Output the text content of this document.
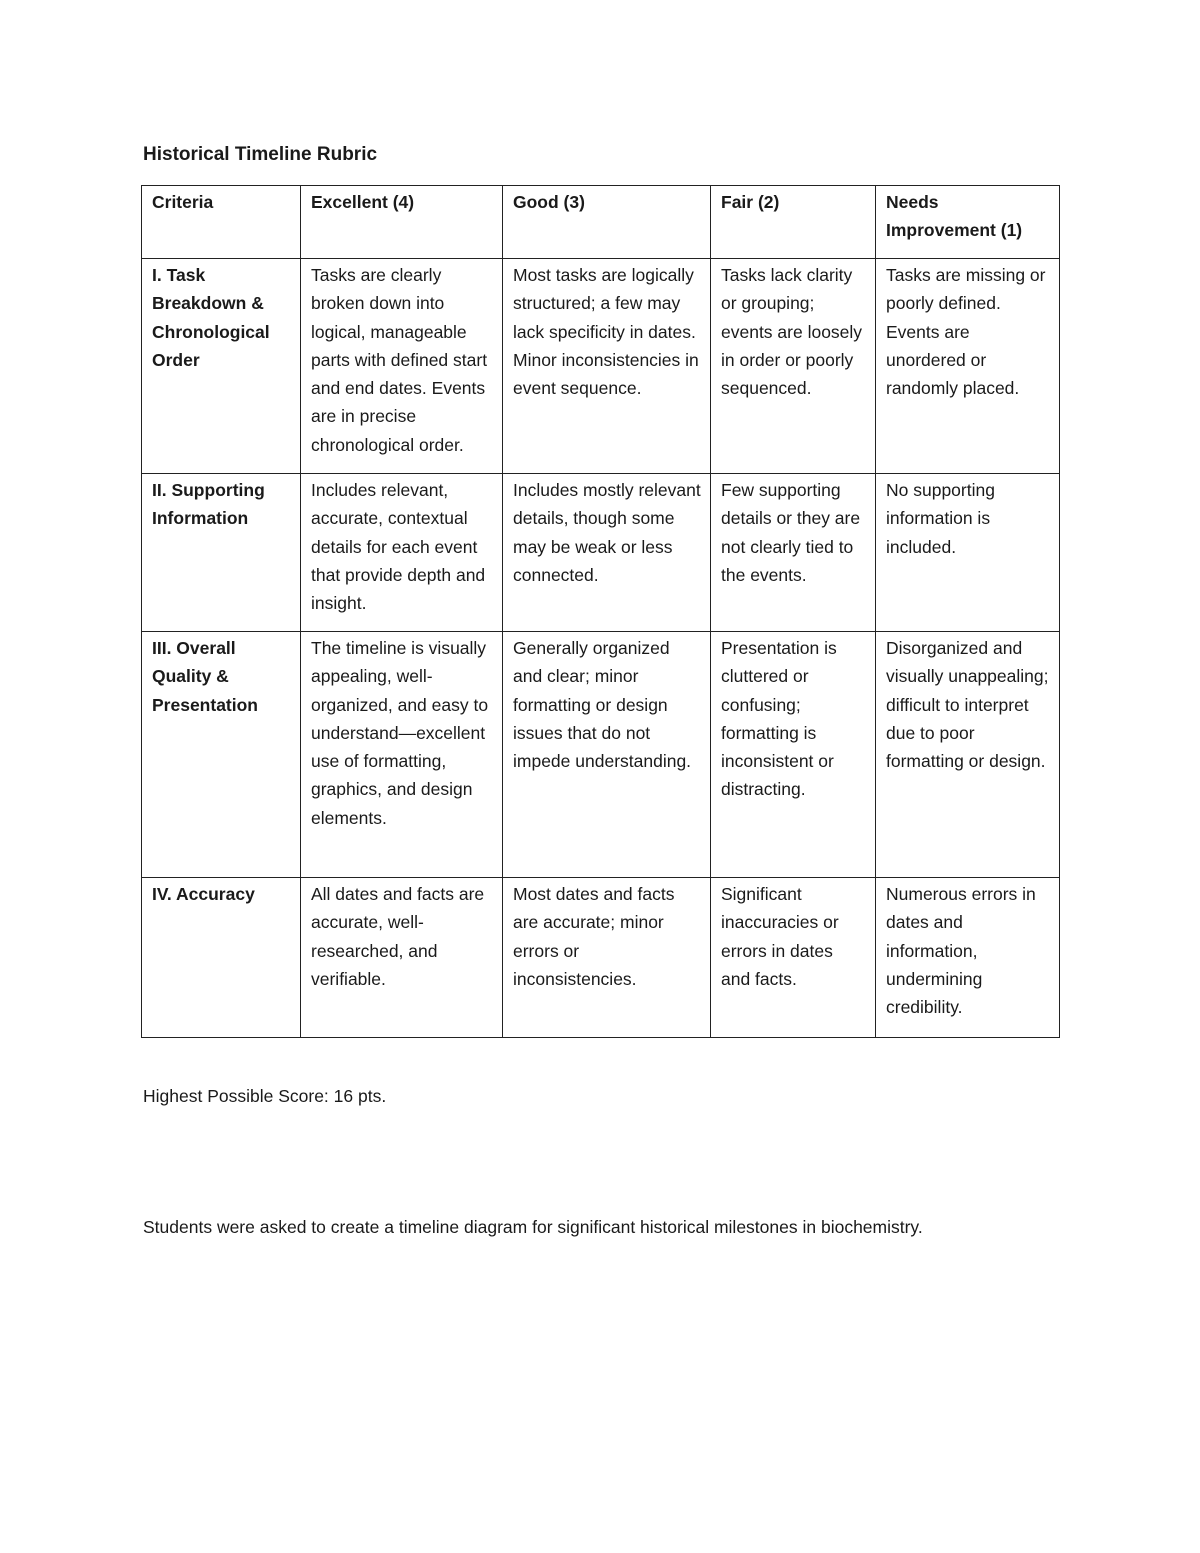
Historical Timeline Rubric
Criteria	Excellent (4)	Good (3)	Fair (2)	Needs Improvement (1)
I. Task Breakdown & Chronological Order	Tasks are clearly broken down into logical, manageable parts with defined start and end dates. Events are in precise chronological order.	Most tasks are logically structured; a few may lack specificity in dates. Minor inconsistencies in event sequence.	Tasks lack clarity or grouping; events are loosely in order or poorly sequenced.	Tasks are missing or poorly defined. Events are unordered or randomly placed.
II. Supporting Information	Includes relevant, accurate, contextual details for each event that provide depth and insight.	Includes mostly relevant details, though some may be weak or less connected.	Few supporting details or they are not clearly tied to the events.	No supporting information is included.
III. Overall Quality & Presentation	The timeline is visually appealing, well-organized, and easy to understand—excellent use of formatting, graphics, and design elements.	Generally organized and clear; minor formatting or design issues that do not impede understanding.	Presentation is cluttered or confusing; formatting is inconsistent or distracting.	Disorganized and visually unappealing; difficult to interpret due to poor formatting or design.
IV. Accuracy	All dates and facts are accurate, well-researched, and verifiable.	Most dates and facts are accurate; minor errors or inconsistencies.	Significant inaccuracies or errors in dates and facts.	Numerous errors in dates and information, undermining credibility.
Highest Possible Score: 16 pts.
Students were asked to create a timeline diagram for significant historical milestones in biochemistry.
